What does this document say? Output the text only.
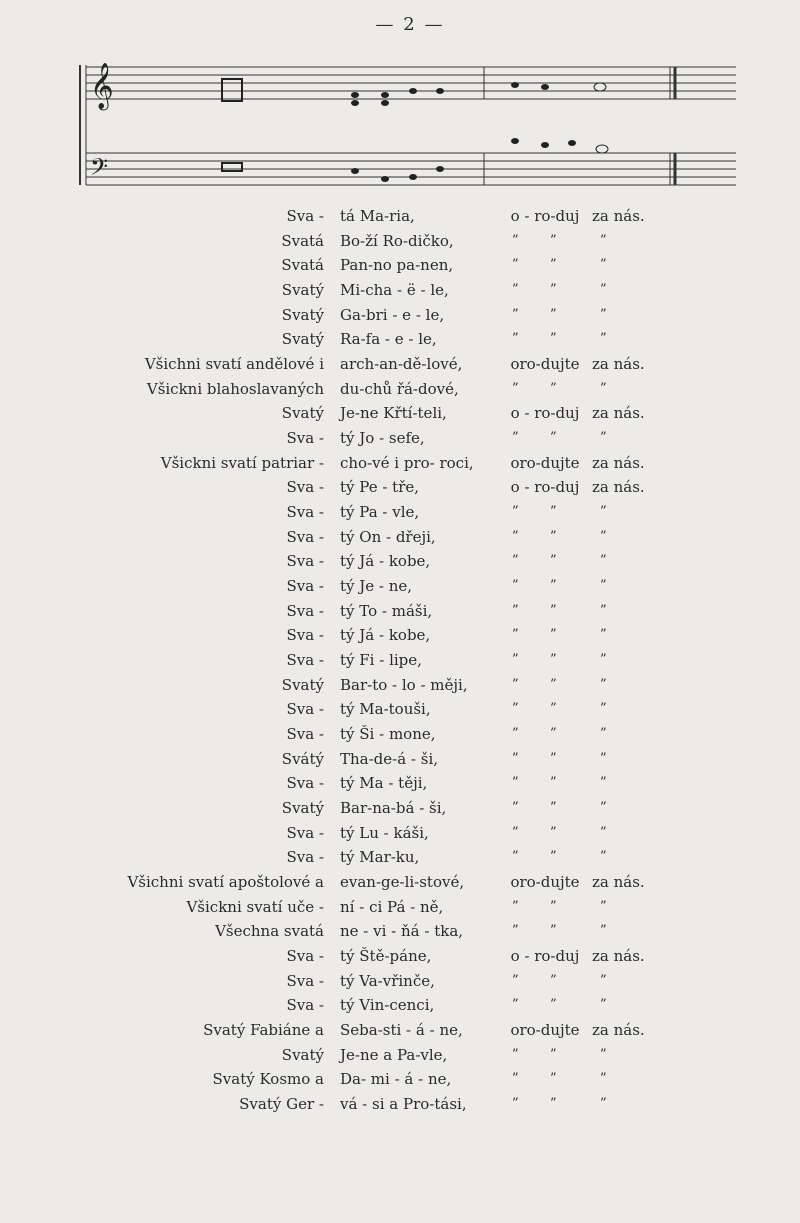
— 2 —
𝄞
𝄢
Sva - tá Ma-ria,	o - ro-duj za nás.
Svatá Bo-ží Ro-dičko,	” ”	”
Svatá Pan-no pa-nen,	” ”	”
Svatý Mi-cha - ë - le,	” ”	”
Svatý Ga-bri - e - le,	” ”	”
Svatý Ra-fa - e - le,	” ”	”
Všichni svatí andělové i arch-an-dě-lové,	oro-dujte za nás.
Všickni blahoslavaných du-chů řá-dové,	” ”	”
Svatý Je-ne Křtí-teli,	o - ro-duj za nás.
Sva - tý Jo - sefe,	” ”	”
Všickni svatí patriar - cho-vé i pro- roci,	oro-dujte za nás.
Sva - tý Pe - tře,	o - ro-duj za nás.
Sva - tý Pa - vle,	” ”	”
Sva - tý On - dřeji,	” ”	”
Sva - tý Já - kobe,	” ”	”
Sva - tý Je - ne,	” ”	”
Sva - tý To - máši,	” ”	”
Sva - tý Já - kobe,	” ”	”
Sva - tý Fi - lipe,	” ”	”
Svatý Bar-to - lo - měji,	” ”	”
Sva - tý Ma-touši,	” ”	”
Sva - tý Ši - mone,	” ”	”
Svátý Tha-de-á - ši,	” ”	”
Sva - tý Ma - těji,	” ”	”
Svatý Bar-na-bá - ši,	” ”	”
Sva - tý Lu - káši,	” ”	”
Sva - tý Mar-ku,	” ”	”
Všichni svatí apoštolové a evan-ge-li-stové,	oro-dujte za nás.
Všickni svatí uče - ní - ci Pá - ně,	” ”	”
Všechna svatá ne - vi - ňá - tka,	” ”	”
Sva - tý Ště-páne,	o - ro-duj za nás.
Sva - tý Va-vřinče,	” ”	”
Sva - tý Vin-cenci,	” ”	”
Svatý Fabiáne a Seba-sti - á - ne,	oro-dujte za nás.
Svatý Je-ne a Pa-vle,	” ”	”
Svatý Kosmo a Da- mi - á - ne,	” ”	”
Svatý Ger - vá - si a Pro-tási,	” ”	”
